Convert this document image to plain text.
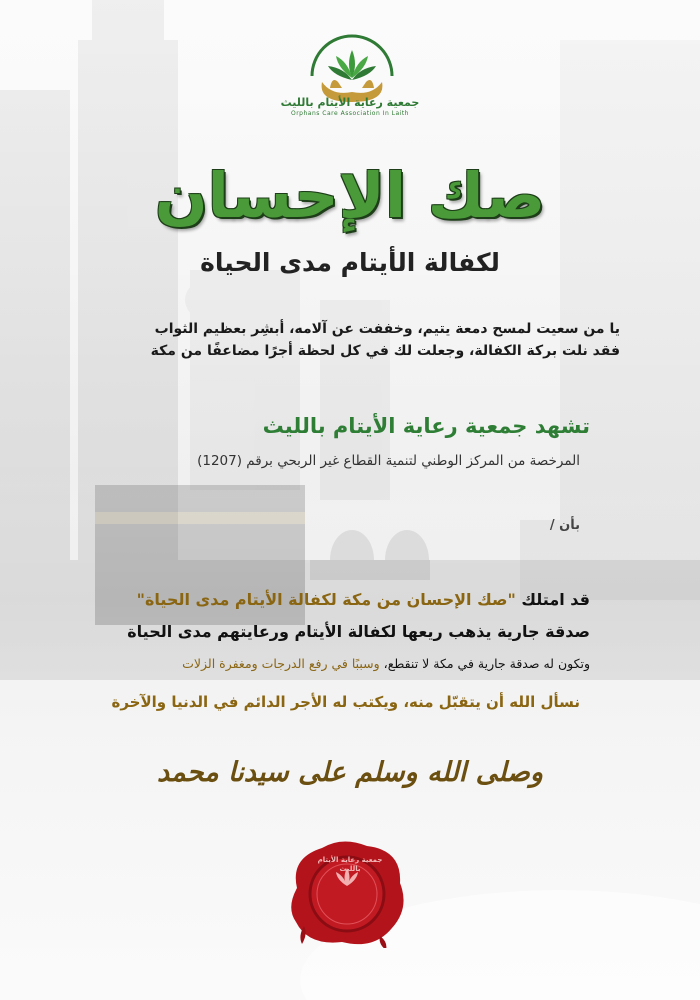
جمعية رعاية الأيتام بالليث
Orphans Care Association In Laith
صك الإحسان
لكفالة الأيتام مدى الحياة
يا من سعيت لمسح دمعة يتيم، وخففت عن آلامه، أبشِر بعظيم الثواب
فقد نلت بركة الكفالة، وجعلت لك في كل لحظة أجرًا مضاعفًا من مكة
تشهد جمعية رعاية الأيتام بالليث
المرخصة من المركز الوطني لتنمية القطاع غير الربحي برقم (1207)
بأن /
قد امتلك "صك الإحسان من مكة لكفالة الأيتام مدى الحياة"
صدقة جارية يذهب ريعها لكفالة الأيتام ورعايتهم مدى الحياة
وتكون له صدقة جارية في مكة لا تنقطع، وسببًا في رفع الدرجات ومغفرة الزلات
نسأل الله أن يتقبّل منه، ويكتب له الأجر الدائم في الدنيا والآخرة
وصلى الله وسلم على سيدنا محمد
جمعية رعاية الأيتام بالليث
